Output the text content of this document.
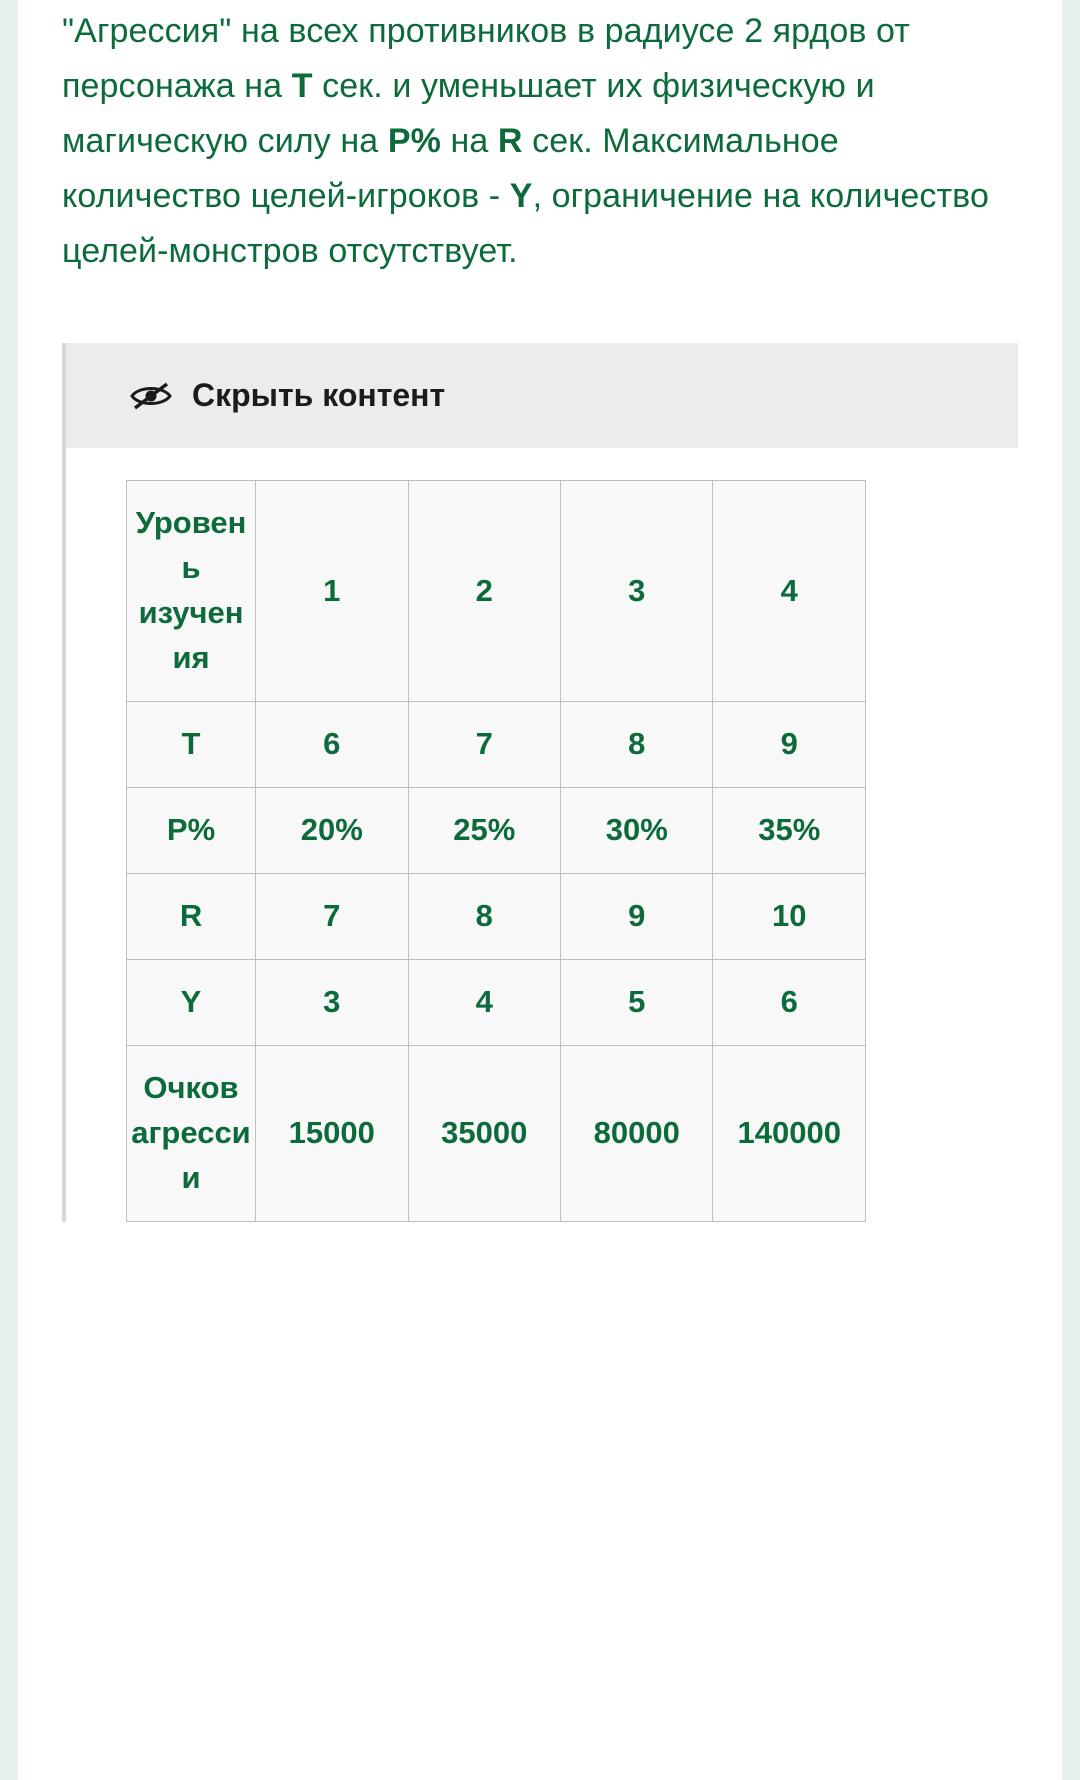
"Агрессия" на всех противников в радиусе 2 ярдов от персонажа на T сек. и уменьшает их физическую и магическую силу на P% на R сек. Максимальное количество целей-игроков - Y, ограничение на количество целей-монстров отсутствует.

Скрыть контент
Уровень изучения	1	2	3	4
T	6	7	8	9
P%	20%	25%	30%	35%
R	7	8	9	10
Y	3	4	5	6
Очков агрессии	15000	35000	80000	140000
